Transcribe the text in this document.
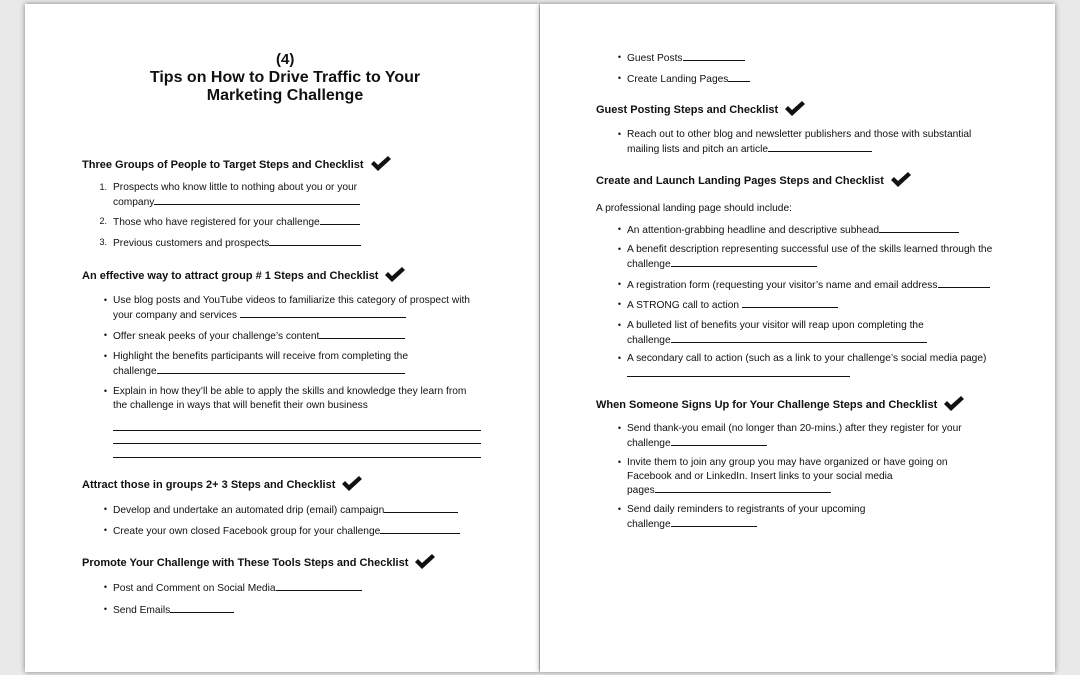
(4)
Tips on How to Drive Traffic to Your
Marketing Challenge
Three Groups of People to Target Steps and Checklist
1. Prospects who know little to nothing about you or your
company
2. Those who have registered for your challenge
3. Previous customers and prospects
An effective way to attract group # 1 Steps and Checklist
• Use blog posts and YouTube videos to familiarize this category of prospect with
your company and services
• Offer sneak peeks of your challenge’s content
• Highlight the benefits participants will receive from completing the
challenge
• Explain in how they’ll be able to apply the skills and knowledge they learn from
the challenge in ways that will benefit their own business
Attract those in groups 2+ 3 Steps and Checklist
• Develop and undertake an automated drip (email) campaign
• Create your own closed Facebook group for your challenge
Promote Your Challenge with These Tools Steps and Checklist
• Post and Comment on Social Media
• Send Emails
• Guest Posts
• Create Landing Pages
Guest Posting Steps and Checklist
• Reach out to other blog and newsletter publishers and those with substantial
mailing lists and pitch an article
Create and Launch Landing Pages Steps and Checklist
A professional landing page should include:
• An attention-grabbing headline and descriptive subhead
• A benefit description representing successful use of the skills learned through the
challenge
• A registration form (requesting your visitor’s name and email address
• A STRONG call to action
• A bulleted list of benefits your visitor will reap upon completing the
challenge
• A secondary call to action (such as a link to your challenge’s social media page)
When Someone Signs Up for Your Challenge Steps and Checklist
• Send thank-you email (no longer than 20-mins.) after they register for your
challenge
• Invite them to join any group you may have organized or have going on
Facebook and or LinkedIn. Insert links to your social media
pages
• Send daily reminders to registrants of your upcoming
challenge
